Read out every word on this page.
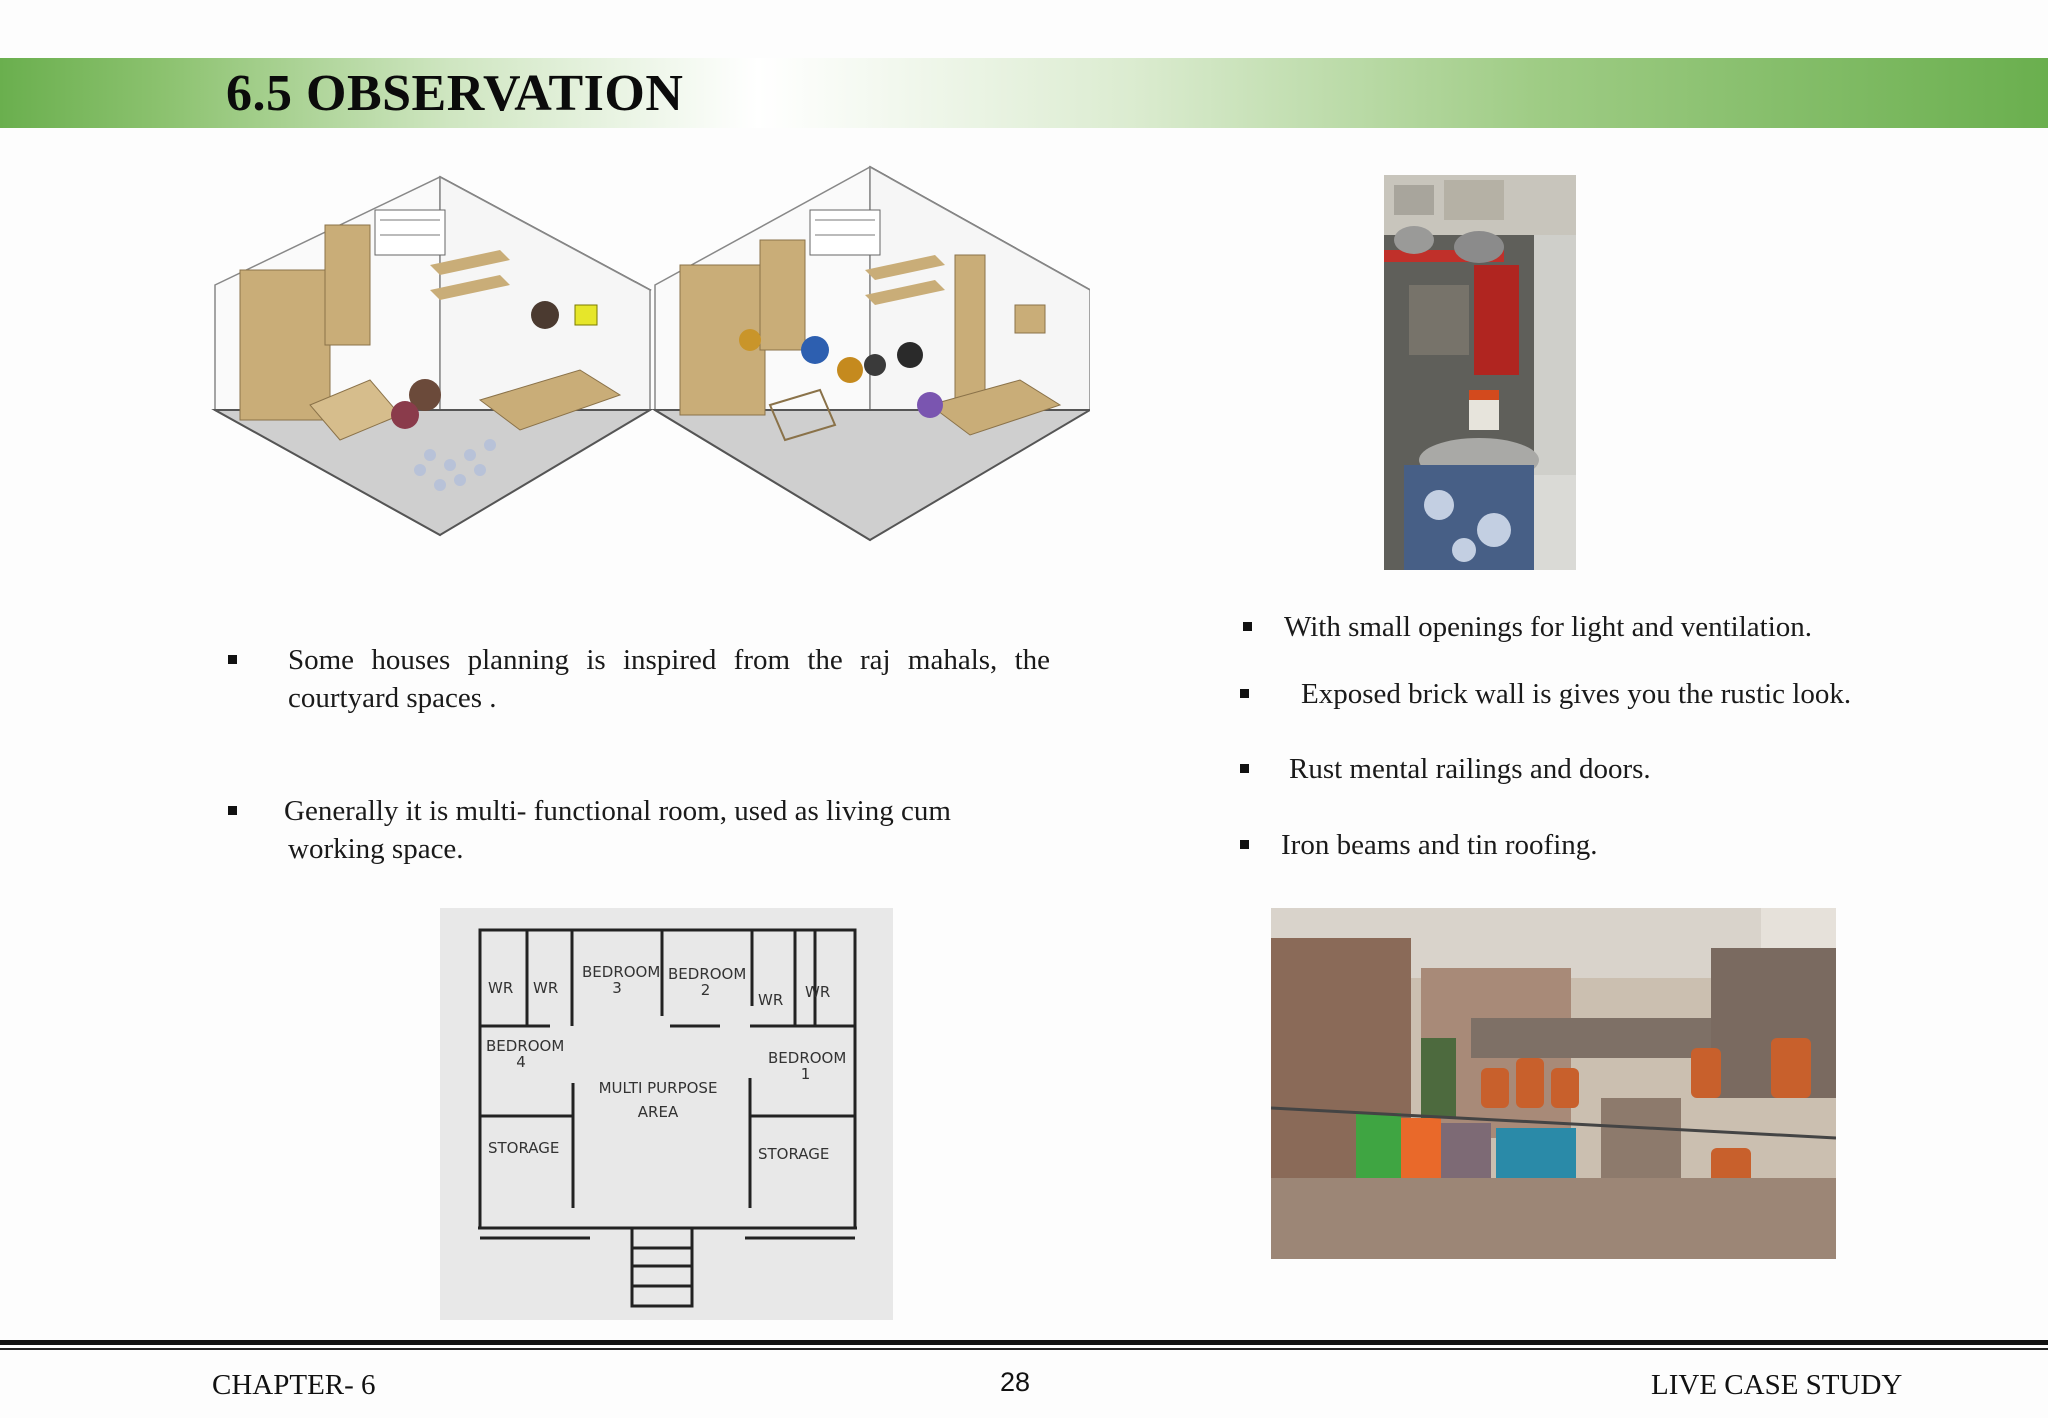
6.5 OBSERVATION
Some houses planning is inspired from the raj mahals, the
courtyard spaces .
Generally it is multi- functional room, used as living cum
working space.
With small openings for light and ventilation.
Exposed brick wall is gives you the rustic look.
Rust mental railings and doors.
Iron beams and tin roofing.
WR WR
BEDROOM
3
BEDROOM
2
WR WR
BEDROOM
4	BEDROOM
1
MULTI PURPOSE
AREA
STORAGE	STORAGE
CHAPTER- 6	28	LIVE CASE STUDY
